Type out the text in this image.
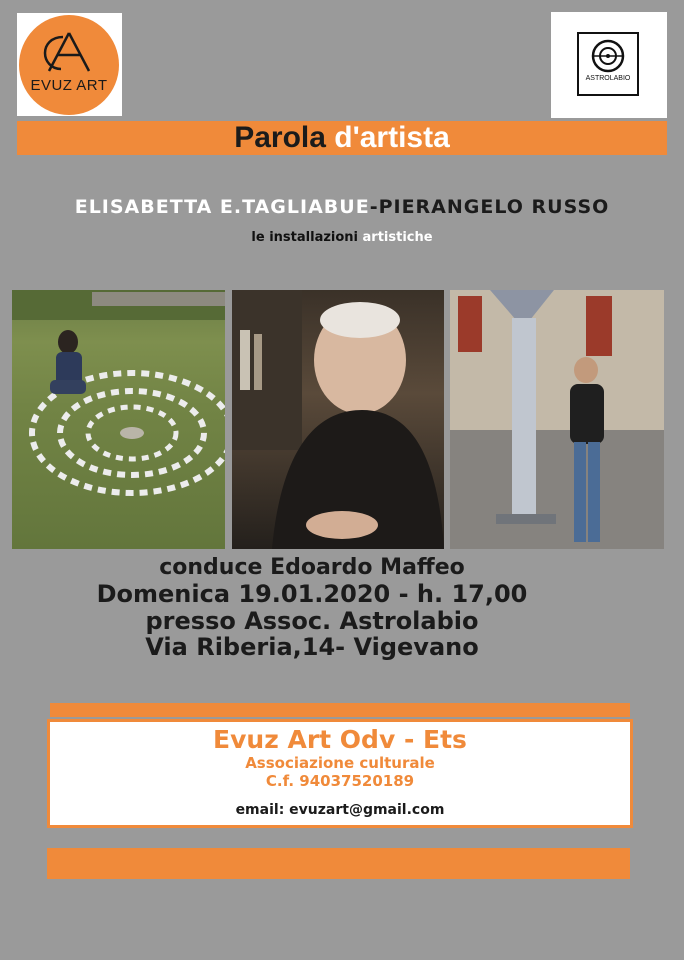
EVUZ ART	ASTROLABIO
Parola d'artista
ELISABETTA E.TAGLIABUE-PIERANGELO RUSSO
le installazioni artistiche
conduce Edoardo Maffeo
Domenica 19.01.2020 - h. 17,00
presso Assoc. Astrolabio
Via Riberia,14- Vigevano
Evuz Art Odv - Ets
Associazione culturale
C.f. 94037520189
email: evuzart@gmail.com
